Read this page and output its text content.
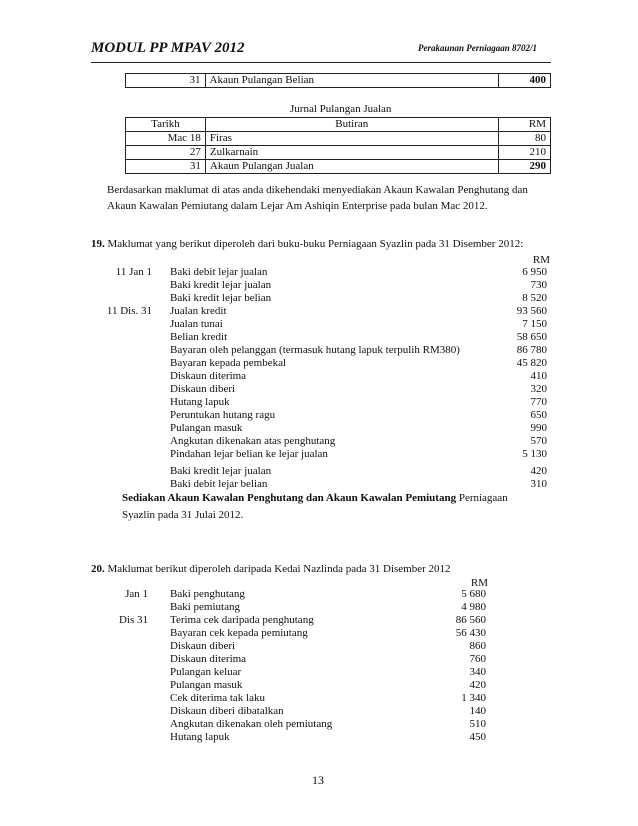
MODUL PP MPAV 2012	Perakaunan Perniagaan 8702/1
31	Akaun Pulangan Belian	400
Jurnal Pulangan Jualan
Tarikh	Butiran	RM
Mac 18	Firas	80
27	Zulkarnain	210
31	Akaun Pulangan Jualan	290
Berdasarkan maklumat di atas anda dikehendaki menyediakan Akaun Kawalan Penghutang dan
Akaun Kawalan Pemiutang dalam Lejar Am Ashiqin Enterprise pada bulan Mac 2012.
19. Maklumat yang berikut diperoleh dari buku-buku Perniagaan Syazlin pada 31 Disember 2012:
RM
11 Jan 1 Baki debit lejar jualan	6 950
Baki kredit lejar jualan	730
Baki kredit lejar belian	8 520
11 Dis. 31 Jualan kredit	93 560
Jualan tunai	7 150
Belian kredit	58 650
Bayaran oleh pelanggan (termasuk hutang lapuk terpulih RM380)	86 780
Bayaran kepada pembekal	45 820
Diskaun diterima	410
Diskaun diberi	320
Hutang lapuk	770
Peruntukan hutang ragu	650
Pulangan masuk	990
Angkutan dikenakan atas penghutang	570
Pindahan lejar belian ke lejar jualan	5 130
Baki kredit lejar jualan	420
Baki debit lejar belian	310
Sediakan Akaun Kawalan Penghutang dan Akaun Kawalan Pemiutang Perniagaan
Syazlin pada 31 Julai 2012.
20. Maklumat berikut diperoleh daripada Kedai Nazlinda pada 31 Disember 2012
RM
Jan 1 Baki penghutang	5 680
Baki pemiutang	4 980
Dis 31 Terima cek daripada penghutang	86 560
Bayaran cek kepada pemiutang	56 430
Diskaun diberi	860
Diskaun diterima	760
Pulangan keluar	340
Pulangan masuk	420
Cek diterima tak laku	1 340
Diskaun diberi dibatalkan	140
Angkutan dikenakan oleh pemiutang	510
Hutang lapuk	450
13
